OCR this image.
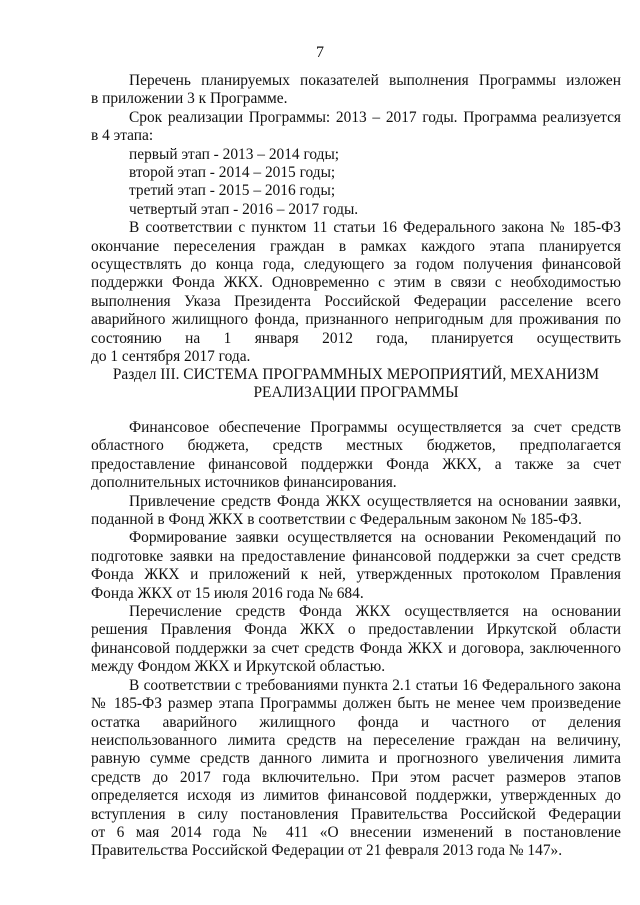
7
Перечень планируемых показателей выполнения Программы изложен
в приложении 3 к Программе.
Срок реализации Программы: 2013 – 2017 годы. Программа реализуется
в 4 этапа:
первый этап - 2013 – 2014 годы;
второй этап - 2014 – 2015 годы;
третий этап - 2015 – 2016 годы;
четвертый этап - 2016 – 2017 годы.
В соответствии с пунктом 11 статьи 16 Федерального закона № 185-ФЗ
окончание переселения граждан в рамках каждого этапа планируется
осуществлять до конца года, следующего за годом получения финансовой
поддержки Фонда ЖКХ. Одновременно с этим в связи с необходимостью
выполнения Указа Президента Российской Федерации расселение всего
аварийного жилищного фонда, признанного непригодным для проживания по
состоянию на 1 января 2012 года, планируется осуществить
до 1 сентября 2017 года.
Раздел III. СИСТЕМА ПРОГРАММНЫХ МЕРОПРИЯТИЙ, МЕХАНИЗМ
РЕАЛИЗАЦИИ ПРОГРАММЫ
Финансовое обеспечение Программы осуществляется за счет средств
областного бюджета, средств местных бюджетов, предполагается
предоставление финансовой поддержки Фонда ЖКХ, а также за счет
дополнительных источников финансирования.
Привлечение средств Фонда ЖКХ осуществляется на основании заявки,
поданной в Фонд ЖКХ в соответствии с Федеральным законом № 185-ФЗ.
Формирование заявки осуществляется на основании Рекомендаций по
подготовке заявки на предоставление финансовой поддержки за счет средств
Фонда ЖКХ и приложений к ней, утвержденных протоколом Правления
Фонда ЖКХ от 15 июля 2016 года № 684.
Перечисление средств Фонда ЖКХ осуществляется на основании
решения Правления Фонда ЖКХ о предоставлении Иркутской области
финансовой поддержки за счет средств Фонда ЖКХ и договора, заключенного
между Фондом ЖКХ и Иркутской областью.
В соответствии с требованиями пункта 2.1 статьи 16 Федерального закона
№ 185-ФЗ размер этапа Программы должен быть не менее чем произведение
остатка аварийного жилищного фонда и частного от деления
неиспользованного лимита средств на переселение граждан на величину,
равную сумме средств данного лимита и прогнозного увеличения лимита
средств до 2017 года включительно. При этом расчет размеров этапов
определяется исходя из лимитов финансовой поддержки, утвержденных до
вступления в силу постановления Правительства Российской Федерации
от 6 мая 2014 года № 411 «О внесении изменений в постановление
Правительства Российской Федерации от 21 февраля 2013 года № 147».
